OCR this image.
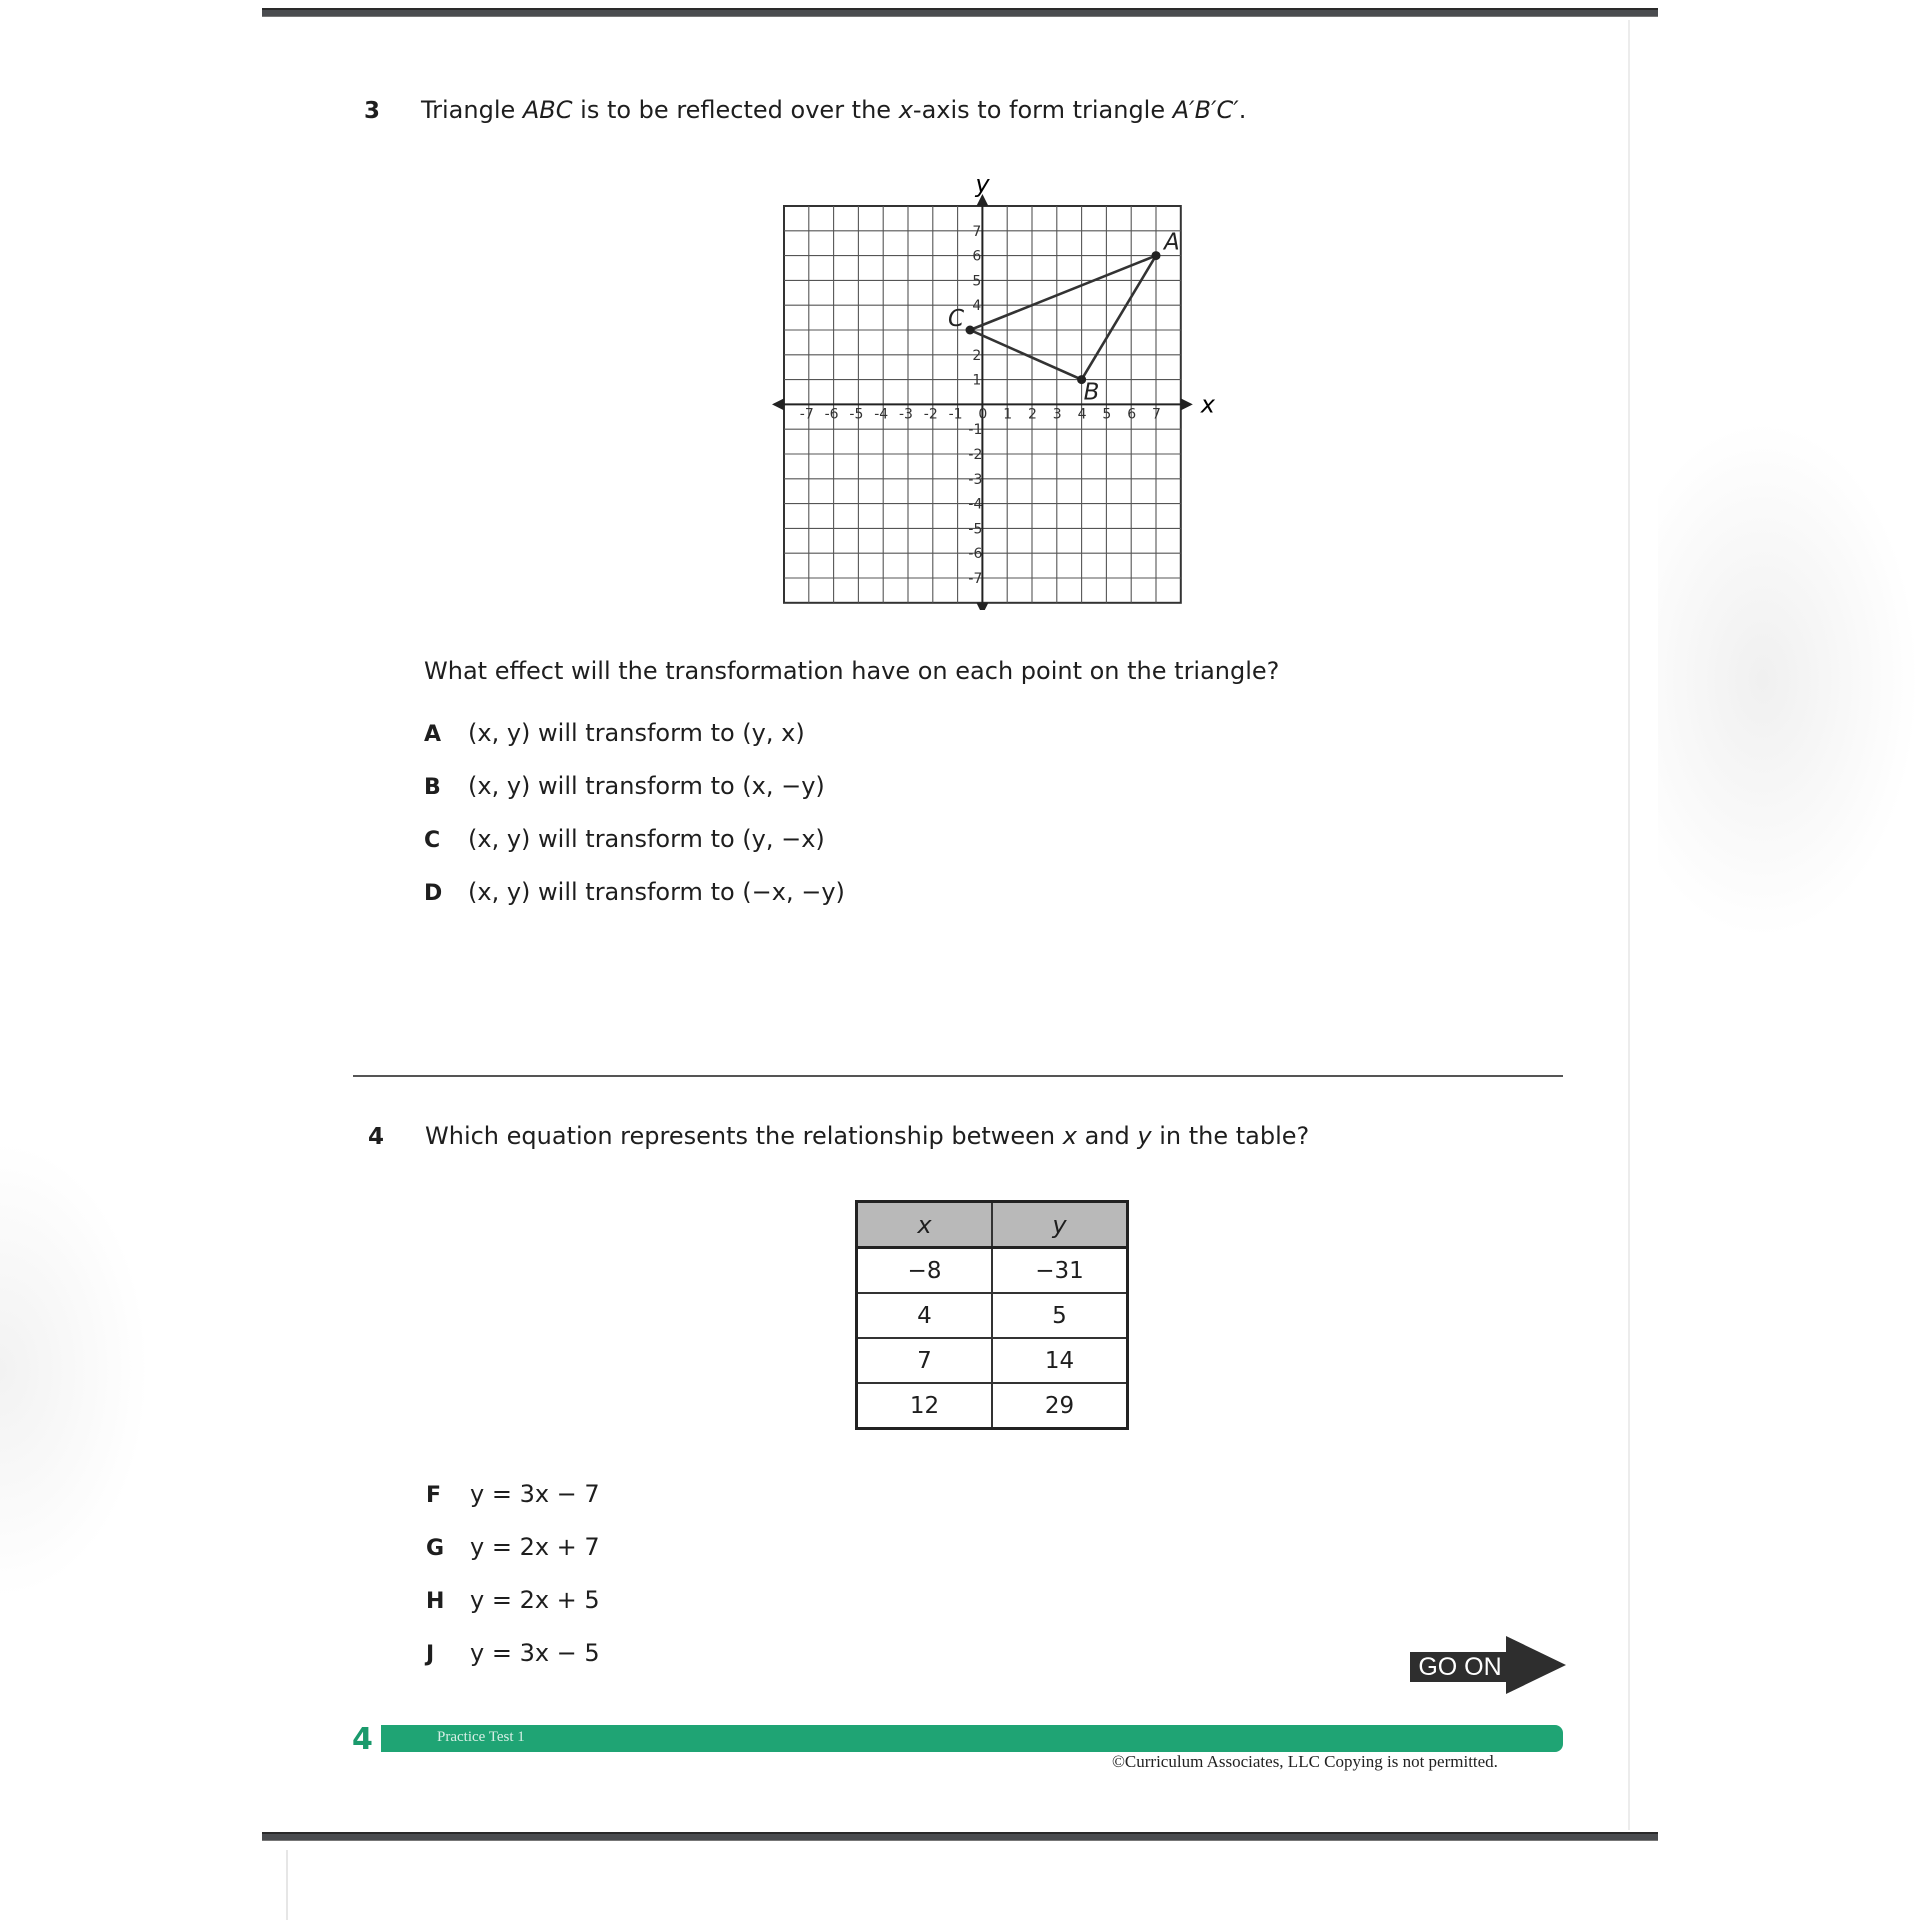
3 Triangle ABC is to be reflected over the x-axis to form triangle A′B′C′.
x
y
-7 -6 -5 -4 -3 -2 -1 0 1 2 3 4 5 6 7
7
6
5
4
2
1
-1
-2
-3
-4
-5
-6
-7
A
B
C
What effect will the transformation have on each point on the triangle?
A (x, y) will transform to (y, x)
B (x, y) will transform to (x, −y)
C (x, y) will transform to (y, −x)
D (x, y) will transform to (−x, −y)
4 Which equation represents the relationship between x and y in the table?
x	y
−8	−31
4	5
7	14
12	29
F y = 3x − 7
G y = 2x + 7
H y = 2x + 5
J y = 3x − 5	GO ON
4	Practice Test 1
©Curriculum Associates, LLC Copying is not permitted.
